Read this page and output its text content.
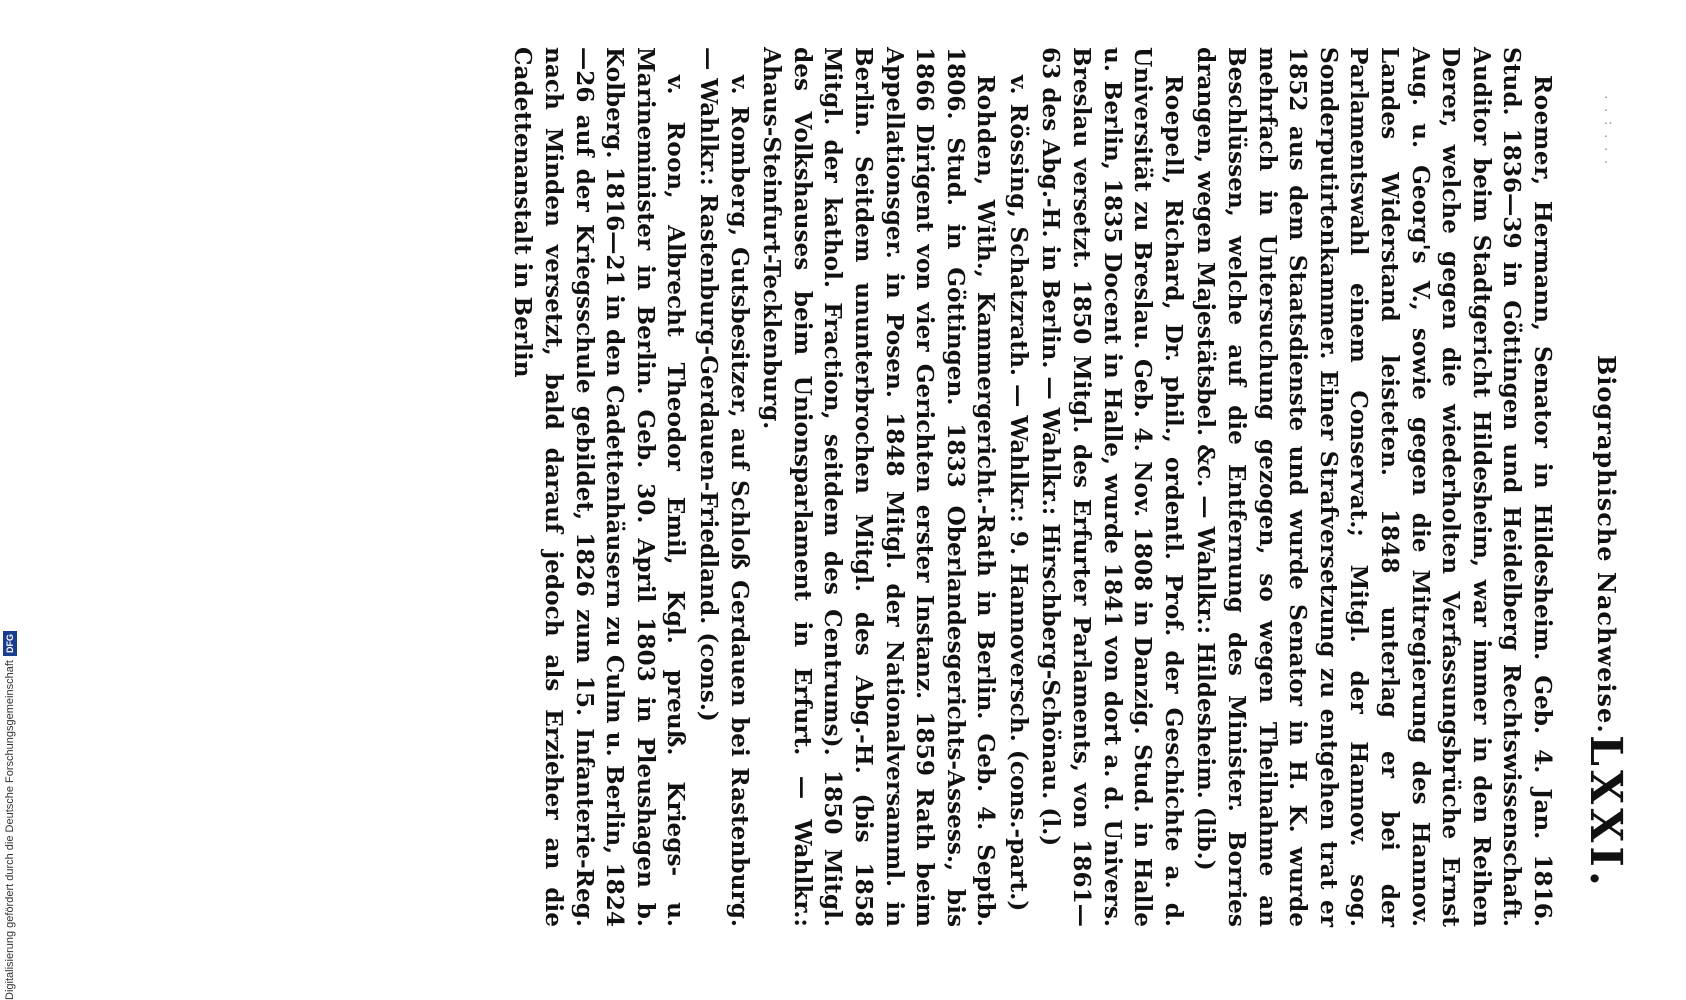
. . : . . .
Biographische Nachweise.
LXXI.

Roemer, Hermann, Senator in Hildesheim. Geb. 4. Jan. 1816. Stud. 1836—39 in Göttingen und Heidelberg Rechtswissenschaft. Auditor beim Stadtgericht Hildesheim, war immer in den Reihen Derer, welche gegen die wiederholten Verfassungsbrüche Ernst Aug. u. Georg's V., sowie gegen die Mitregierung des Hannov. Landes Widerstand leisteten. 1848 unterlag er bei der Parlamentswahl einem Conservat.; Mitgl. der Hannov. sog. Sonderputirtenkammer. Einer Strafversetzung zu entgehen trat er 1852 aus dem Staatsdienste und wurde Senator in H. K. wurde mehrfach in Untersuchung gezogen, so wegen Theilnahme an Beschlüssen, welche auf die Entfernung des Minister. Borries drangen, wegen Majestätsbel. &c. — Wahlkr.: Hildesheim. (lib.)

Roepell, Richard, Dr. phil., ordentl. Prof. der Geschichte a. d. Universität zu Breslau. Geb. 4. Nov. 1808 in Danzig. Stud. in Halle u. Berlin, 1835 Docent in Halle, wurde 1841 von dort a. d. Univers. Breslau versetzt. 1850 Mitgl. des Erfurter Parlaments, von 1861—63 des Abg.-H. in Berlin. — Wahlkr.: Hirschberg-Schönau. (l.)

v. Rössing, Schatzrath. — Wahlkr.: 9. Hannoversch. (cons.-part.)

Rohden, With., Kammergericht.-Rath in Berlin. Geb. 4. Septb. 1806. Stud. in Göttingen. 1833 Oberlandesgerichts-Assess., bis 1866 Dirigent von vier Gerichten erster Instanz. 1859 Rath beim Appellationsger. in Posen. 1848 Mitgl. der Nationalversamml. in Berlin. Seitdem ununterbrochen Mitgl. des Abg.-H. (bis 1858 Mitgl. der kathol. Fraction, seitdem des Centrums). 1850 Mitgl. des Volkshauses beim Unionsparlament in Erfurt. — Wahlkr.: Ahaus-Steinfurt-Tecklenburg.

v. Romberg, Gutsbesitzer, auf Schloß Gerdauen bei Rastenburg. — Wahlkr.: Rastenburg-Gerdauen-Friedland. (cons.)

v. Roon, Albrecht Theodor Emil, Kgl. preuß. Kriegs- u. Marineminister in Berlin. Geb. 30. April 1803 in Pleushagen b. Kolberg. 1816—21 in den Cadettenhäusern zu Culm u. Berlin, 1824—26 auf der Kriegsschule gebildet, 1826 zum 15. Infanterie-Reg. nach Minden versetzt, bald darauf jedoch als Erzieher an die Cadettenanstalt in Berlin

Digitalisierung gefördert durch die Deutsche Forschungsgemeinschaft
DFG
